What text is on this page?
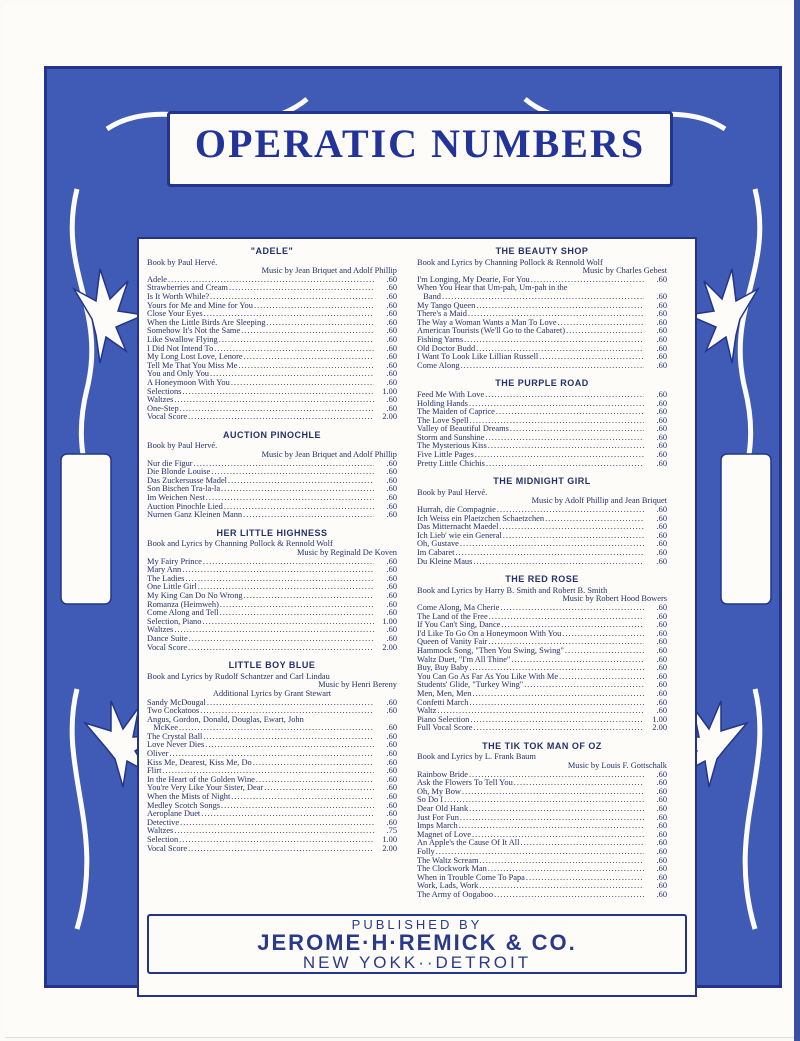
OPERATIC NUMBERS
"ADELE"
Book by Paul Hervé.
Music by Jean Briquet and Adolf Phillip
Adele .....	.60
Strawberries and Cream .....	.60
Is It Worth While? .....	.60
Yours for Me and Mine for You .....	.60
Close Your Eyes .....	.60
When the Little Birds Are Sleeping .....	.60
Somehow It's Not the Same .....	.60
Like Swallow Flying .....	.60
I Did Not Intend To .....	.60
My Long Lost Love, Lenore .....	.60
Tell Me That You Miss Me .....	.60
You and Only You .....	.60
A Honeymoon With You .....	.60
Selections .....	1.00
Waltzes .....	.60
One-Step .....	.60
Vocal Score .....	2.00
AUCTION PINOCHLE
Book by Paul Hervé.
Music by Jean Briquet and Adolf Phillip
Nur die Figur .....	.60
Die Blonde Louise .....	.60
Das Zuckersusse Madel .....	.60
Son Bischen Tra-la-la .....	.60
Im Weichen Nest .....	.60
Auction Pinochle Lied .....	.60
Nurnen Ganz Kleinen Mann .....	.60
HER LITTLE HIGHNESS
Book and Lyrics by Channing Pollock & Rennold Wolf
Music by Reginald De Koven
My Fairy Prince .....	.60
Mary Ann .....	.60
The Ladies .....	.60
One Little Girl .....	.60
My King Can Do No Wrong .....	.60
Romanza (Heimweh) .....	.60
Come Along and Tell .....	.60
Selection, Piano .....	1.00
Waltzes .....	.60
Dance Suite .....	.60
Vocal Score .....	2.00
LITTLE BOY BLUE
Book and Lyrics by Rudolf Schantzer and Carl Lindau
Music by Henri Bereny
Additional Lyrics by Grant Stewart
Sandy McDougal .....	.60
Two Cockatoos .....	.60
Angus, Gordon, Donald, Douglas, Ewart, John
McKee .....	.60
The Crystal Ball .....	.60
Love Never Dies .....	.60
Oliver .....	.60
Kiss Me, Dearest, Kiss Me, Do .....	.60
Flirt .....	.60
In the Heart of the Golden Wine .....	.60
You're Very Like Your Sister, Dear .....	.60
When the Mists of Night .....	.60
Medley Scotch Songs .....	.60
Aeroplane Duet .....	.60
Detective .....	.60
Waltzes .....	.75
Selection .....	1.00
Vocal Score .....	2.00
THE BEAUTY SHOP
Book and Lyrics by Channing Pollock & Rennold Wolf
Music by Charles Gebest
I'm Longing, My Dearie, For You .....	.60
When You Hear that Um-pah, Um-pah in the
Band .....	.60
My Tango Queen .....	.60
There's a Maid .....	.60
The Way a Woman Wants a Man To Love .....	.60
American Tourists (We'll Go to the Cabaret) .....	.60
Fishing Yarns .....	.60
Old Doctor Budd .....	.60
I Want To Look Like Lillian Russell .....	.60
Come Along .....	.60
THE PURPLE ROAD
Feed Me With Love .....	.60
Holding Hands .....	.60
The Maiden of Caprice .....	.60
The Love Spell .....	.60
Valley of Beautiful Dreams .....	.60
Storm and Sunshine .....	.60
The Mysterious Kiss .....	.60
Five Little Pages .....	.60
Pretty Little Chichis .....	.60
THE MIDNIGHT GIRL
Book by Paul Hervé.
Music by Adolf Phillip and Jean Briquet
Hurrah, die Compagnie .....	.60
Ich Weiss ein Plaetzchen Schaetzchen .....	.60
Das Mitternacht Maedel .....	.60
Ich Lieb' wie ein General .....	.60
Oh, Gustave .....	.60
Im Cabaret .....	.60
Du Kleine Maus .....	.60
THE RED ROSE
Book and Lyrics by Harry B. Smith and Robert B. Smith
Music by Robert Hood Bowers
Come Along, Ma Cherie .....	.60
The Land of the Free .....	.60
If You Can't Sing, Dance .....	.60
I'd Like To Go On a Honeymoon With You .....	.60
Queen of Vanity Fair .....	.60
Hammock Song, "Then You Swing, Swing" .....	.60
Waltz Duet, "I'm All Thine" .....	.60
Buy, Buy Baby .....	.60
You Can Go As Far As You Like With Me .....	.60
Students' Glide, "Turkey Wing" .....	.60
Men, Men, Men .....	.60
Confetti March .....	.60
Waltz .....	.60
Piano Selection .....	1.00
Full Vocal Score .....	2.00
THE TIK TOK MAN OF OZ
Book and Lyrics by L. Frank Baum
Music by Louis F. Gottschalk
Rainbow Bride .....	.60
Ask the Flowers To Tell You .....	.60
Oh, My Bow .....	.60
So Do I .....	.60
Dear Old Hank .....	.60
Just For Fun .....	.60
Imps March .....	.60
Magnet of Love .....	.60
An Apple's the Cause Of It All .....	.60
Folly .....	.60
The Waltz Scream .....	.60
The Clockwork Man .....	.60
When in Trouble Come To Papa .....	.60
Work, Lads, Work .....	.60
The Army of Oogaboo .....	.60
PUBLISHED BY
JEROME·H·REMICK & CO.
NEW YOKK··DETROIT
